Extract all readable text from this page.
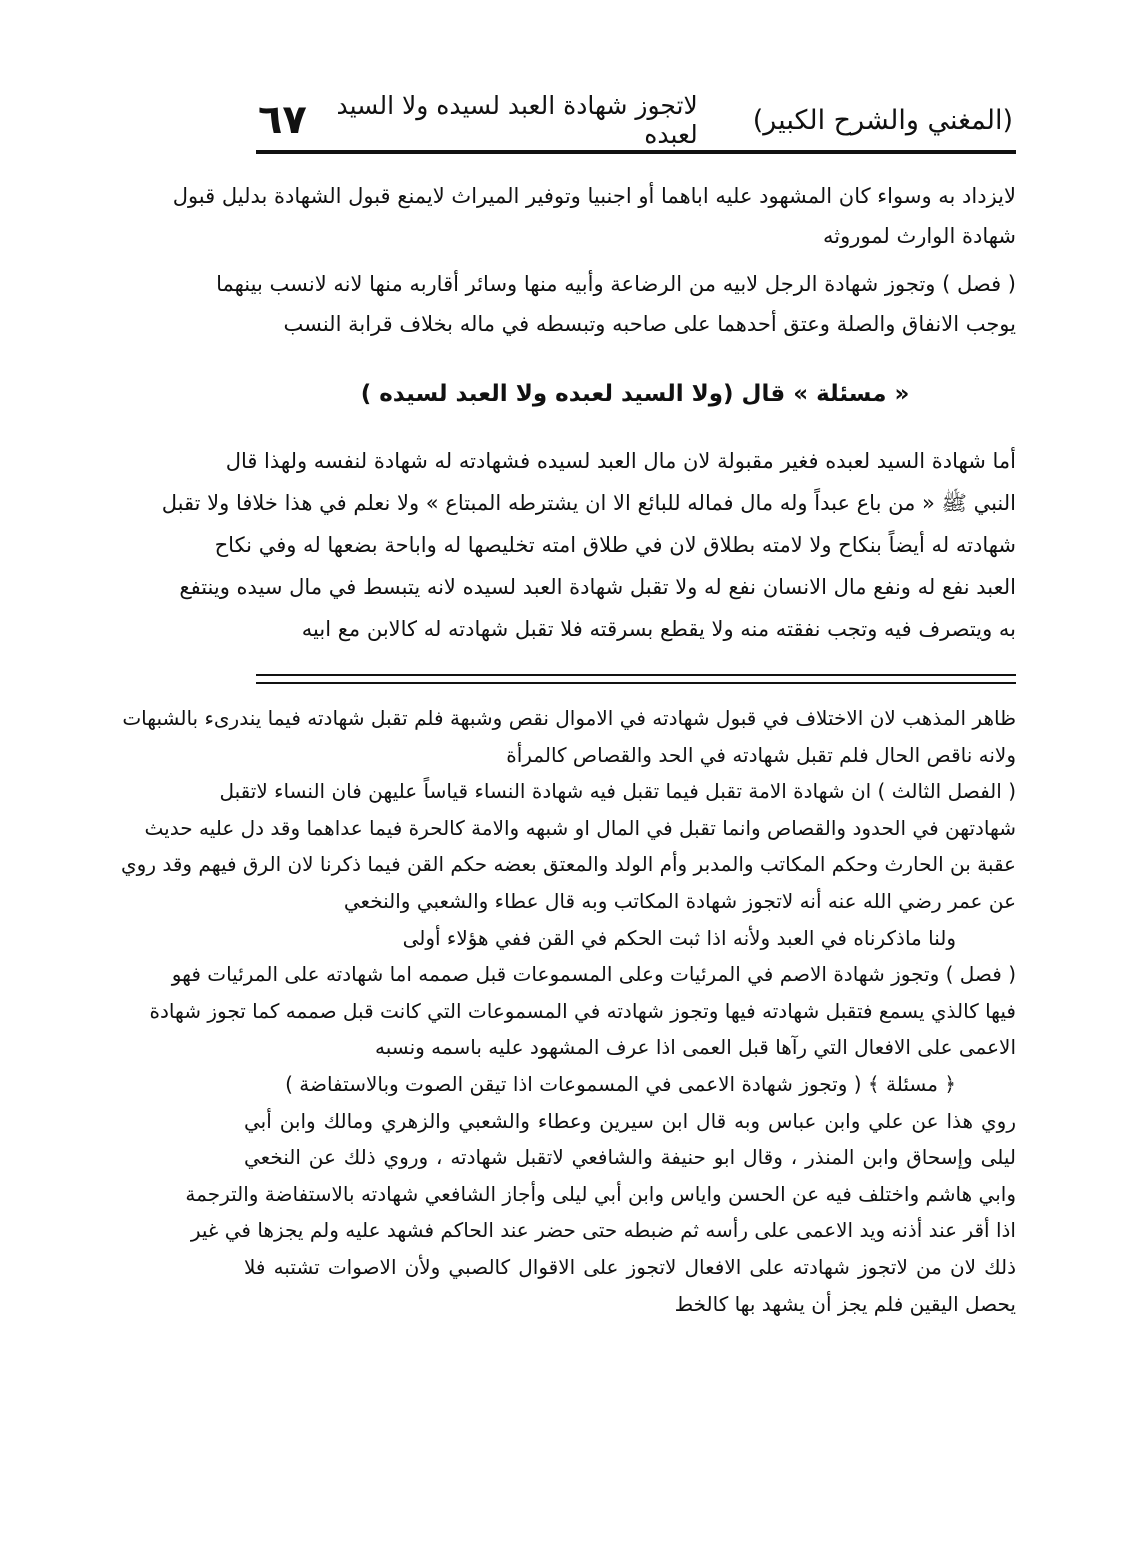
(المغني والشرح الكبير)
لاتجوز شهادة العبد لسيده ولا السيد لعبده
٦٧
لايزداد به وسواء كان المشهود عليه اباهما أو اجنبيا وتوفير الميراث لايمنع قبول الشهادة بدليل قبول
شهادة الوارث لموروثه
( فصل ) وتجوز شهادة الرجل لابيه من الرضاعة وأبيه منها وسائر أقاربه منها لانه لانسب بينهما
يوجب الانفاق والصلة وعتق أحدهما على صاحبه وتبسطه في ماله بخلاف قرابة النسب
« مسئلة » قال (ولا السيد لعبده ولا العبد لسيده )
أما شهادة السيد لعبده فغير مقبولة لان مال العبد لسيده فشهادته له شهادة لنفسه ولهذا قال
النبي ﷺ « من باع عبداً وله مال فماله للبائع الا ان يشترطه المبتاع » ولا نعلم في هذا خلافا ولا تقبل
شهادته له أيضاً بنكاح ولا لامته بطلاق لان في طلاق امته تخليصها له واباحة بضعها له وفي نكاح
العبد نفع له ونفع مال الانسان نفع له ولا تقبل شهادة العبد لسيده لانه يتبسط في مال سيده وينتفع
به ويتصرف فيه وتجب نفقته منه ولا يقطع بسرقته فلا تقبل شهادته له كالابن مع ابيه
ظاهر المذهب لان الاختلاف في قبول شهادته في الاموال نقص وشبهة فلم تقبل شهادته فيما يندرىء بالشبهات
ولانه ناقص الحال فلم تقبل شهادته في الحد والقصاص كالمرأة
( الفصل الثالث ) ان شهادة الامة تقبل فيما تقبل فيه شهادة النساء قياساً عليهن فان النساء لاتقبل
شهادتهن في الحدود والقصاص وانما تقبل في المال او شبهه والامة كالحرة فيما عداهما وقد دل عليه حديث
عقبة بن الحارث وحكم المكاتب والمدبر وأم الولد والمعتق بعضه حكم القن فيما ذكرنا لان الرق فيهم وقد روي
عن عمر رضي الله عنه أنه لاتجوز شهادة المكاتب وبه قال عطاء والشعبي والنخعي
ولنا ماذكرناه في العبد ولأنه اذا ثبت الحكم في القن ففي هؤلاء أولى
( فصل ) وتجوز شهادة الاصم في المرئيات وعلى المسموعات قبل صممه اما شهادته على المرئيات فهو
فيها كالذي يسمع فتقبل شهادته فيها وتجوز شهادته في المسموعات التي كانت قبل صممه كما تجوز شهادة
الاعمى على الافعال التي رآها قبل العمى اذا عرف المشهود عليه باسمه ونسبه
﴿ مسئلة ﴾ ( وتجوز شهادة الاعمى في المسموعات اذا تيقن الصوت وبالاستفاضة )
روي هذا عن علي وابن عباس وبه قال ابن سيرين وعطاء والشعبي والزهري ومالك وابن أبي
ليلى وإسحاق وابن المنذر ، وقال ابو حنيفة والشافعي لاتقبل شهادته ، وروي ذلك عن النخعي
وابي هاشم واختلف فيه عن الحسن واياس وابن أبي ليلى وأجاز الشافعي شهادته بالاستفاضة والترجمة
اذا أقر عند أذنه ويد الاعمى على رأسه ثم ضبطه حتى حضر عند الحاكم فشهد عليه ولم يجزها في غير
ذلك لان من لاتجوز شهادته على الافعال لاتجوز على الاقوال كالصبي ولأن الاصوات تشتبه فلا
يحصل اليقين فلم يجز أن يشهد بها كالخط
